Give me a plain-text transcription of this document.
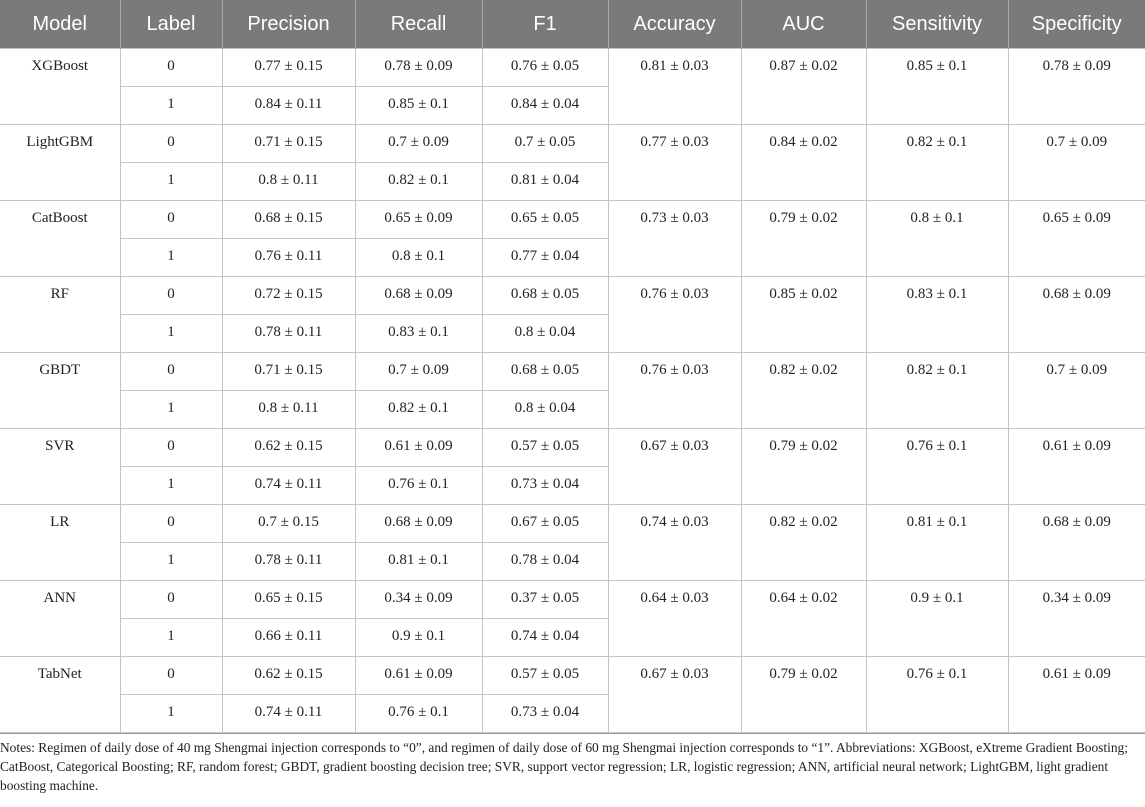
Model	Label	Precision	Recall	F1	Accuracy	AUC	Sensitivity	Specificity
XGBoost	0	0.77 ± 0.15	0.78 ± 0.09	0.76 ± 0.05	0.81 ± 0.03	0.87 ± 0.02	0.85 ± 0.1	0.78 ± 0.09
	1	0.84 ± 0.11	0.85 ± 0.1	0.84 ± 0.04				
LightGBM	0	0.71 ± 0.15	0.7 ± 0.09	0.7 ± 0.05	0.77 ± 0.03	0.84 ± 0.02	0.82 ± 0.1	0.7 ± 0.09
	1	0.8 ± 0.11	0.82 ± 0.1	0.81 ± 0.04				
CatBoost	0	0.68 ± 0.15	0.65 ± 0.09	0.65 ± 0.05	0.73 ± 0.03	0.79 ± 0.02	0.8 ± 0.1	0.65 ± 0.09
	1	0.76 ± 0.11	0.8 ± 0.1	0.77 ± 0.04				
RF	0	0.72 ± 0.15	0.68 ± 0.09	0.68 ± 0.05	0.76 ± 0.03	0.85 ± 0.02	0.83 ± 0.1	0.68 ± 0.09
	1	0.78 ± 0.11	0.83 ± 0.1	0.8 ± 0.04				
GBDT	0	0.71 ± 0.15	0.7 ± 0.09	0.68 ± 0.05	0.76 ± 0.03	0.82 ± 0.02	0.82 ± 0.1	0.7 ± 0.09
	1	0.8 ± 0.11	0.82 ± 0.1	0.8 ± 0.04				
SVR	0	0.62 ± 0.15	0.61 ± 0.09	0.57 ± 0.05	0.67 ± 0.03	0.79 ± 0.02	0.76 ± 0.1	0.61 ± 0.09
	1	0.74 ± 0.11	0.76 ± 0.1	0.73 ± 0.04				
LR	0	0.7 ± 0.15	0.68 ± 0.09	0.67 ± 0.05	0.74 ± 0.03	0.82 ± 0.02	0.81 ± 0.1	0.68 ± 0.09
	1	0.78 ± 0.11	0.81 ± 0.1	0.78 ± 0.04				
ANN	0	0.65 ± 0.15	0.34 ± 0.09	0.37 ± 0.05	0.64 ± 0.03	0.64 ± 0.02	0.9 ± 0.1	0.34 ± 0.09
	1	0.66 ± 0.11	0.9 ± 0.1	0.74 ± 0.04				
TabNet	0	0.62 ± 0.15	0.61 ± 0.09	0.57 ± 0.05	0.67 ± 0.03	0.79 ± 0.02	0.76 ± 0.1	0.61 ± 0.09
	1	0.74 ± 0.11	0.76 ± 0.1	0.73 ± 0.04				

Notes: Regimen of daily dose of 40 mg Shengmai injection corresponds to “0”, and regimen of daily dose of 60 mg Shengmai injection corresponds to “1”. Abbreviations: XGBoost, eXtreme Gradient Boosting; CatBoost, Categorical Boosting; RF, random forest; GBDT, gradient boosting decision tree; SVR, support vector regression; LR, logistic regression; ANN, artificial neural network; LightGBM, light gradient boosting machine.
